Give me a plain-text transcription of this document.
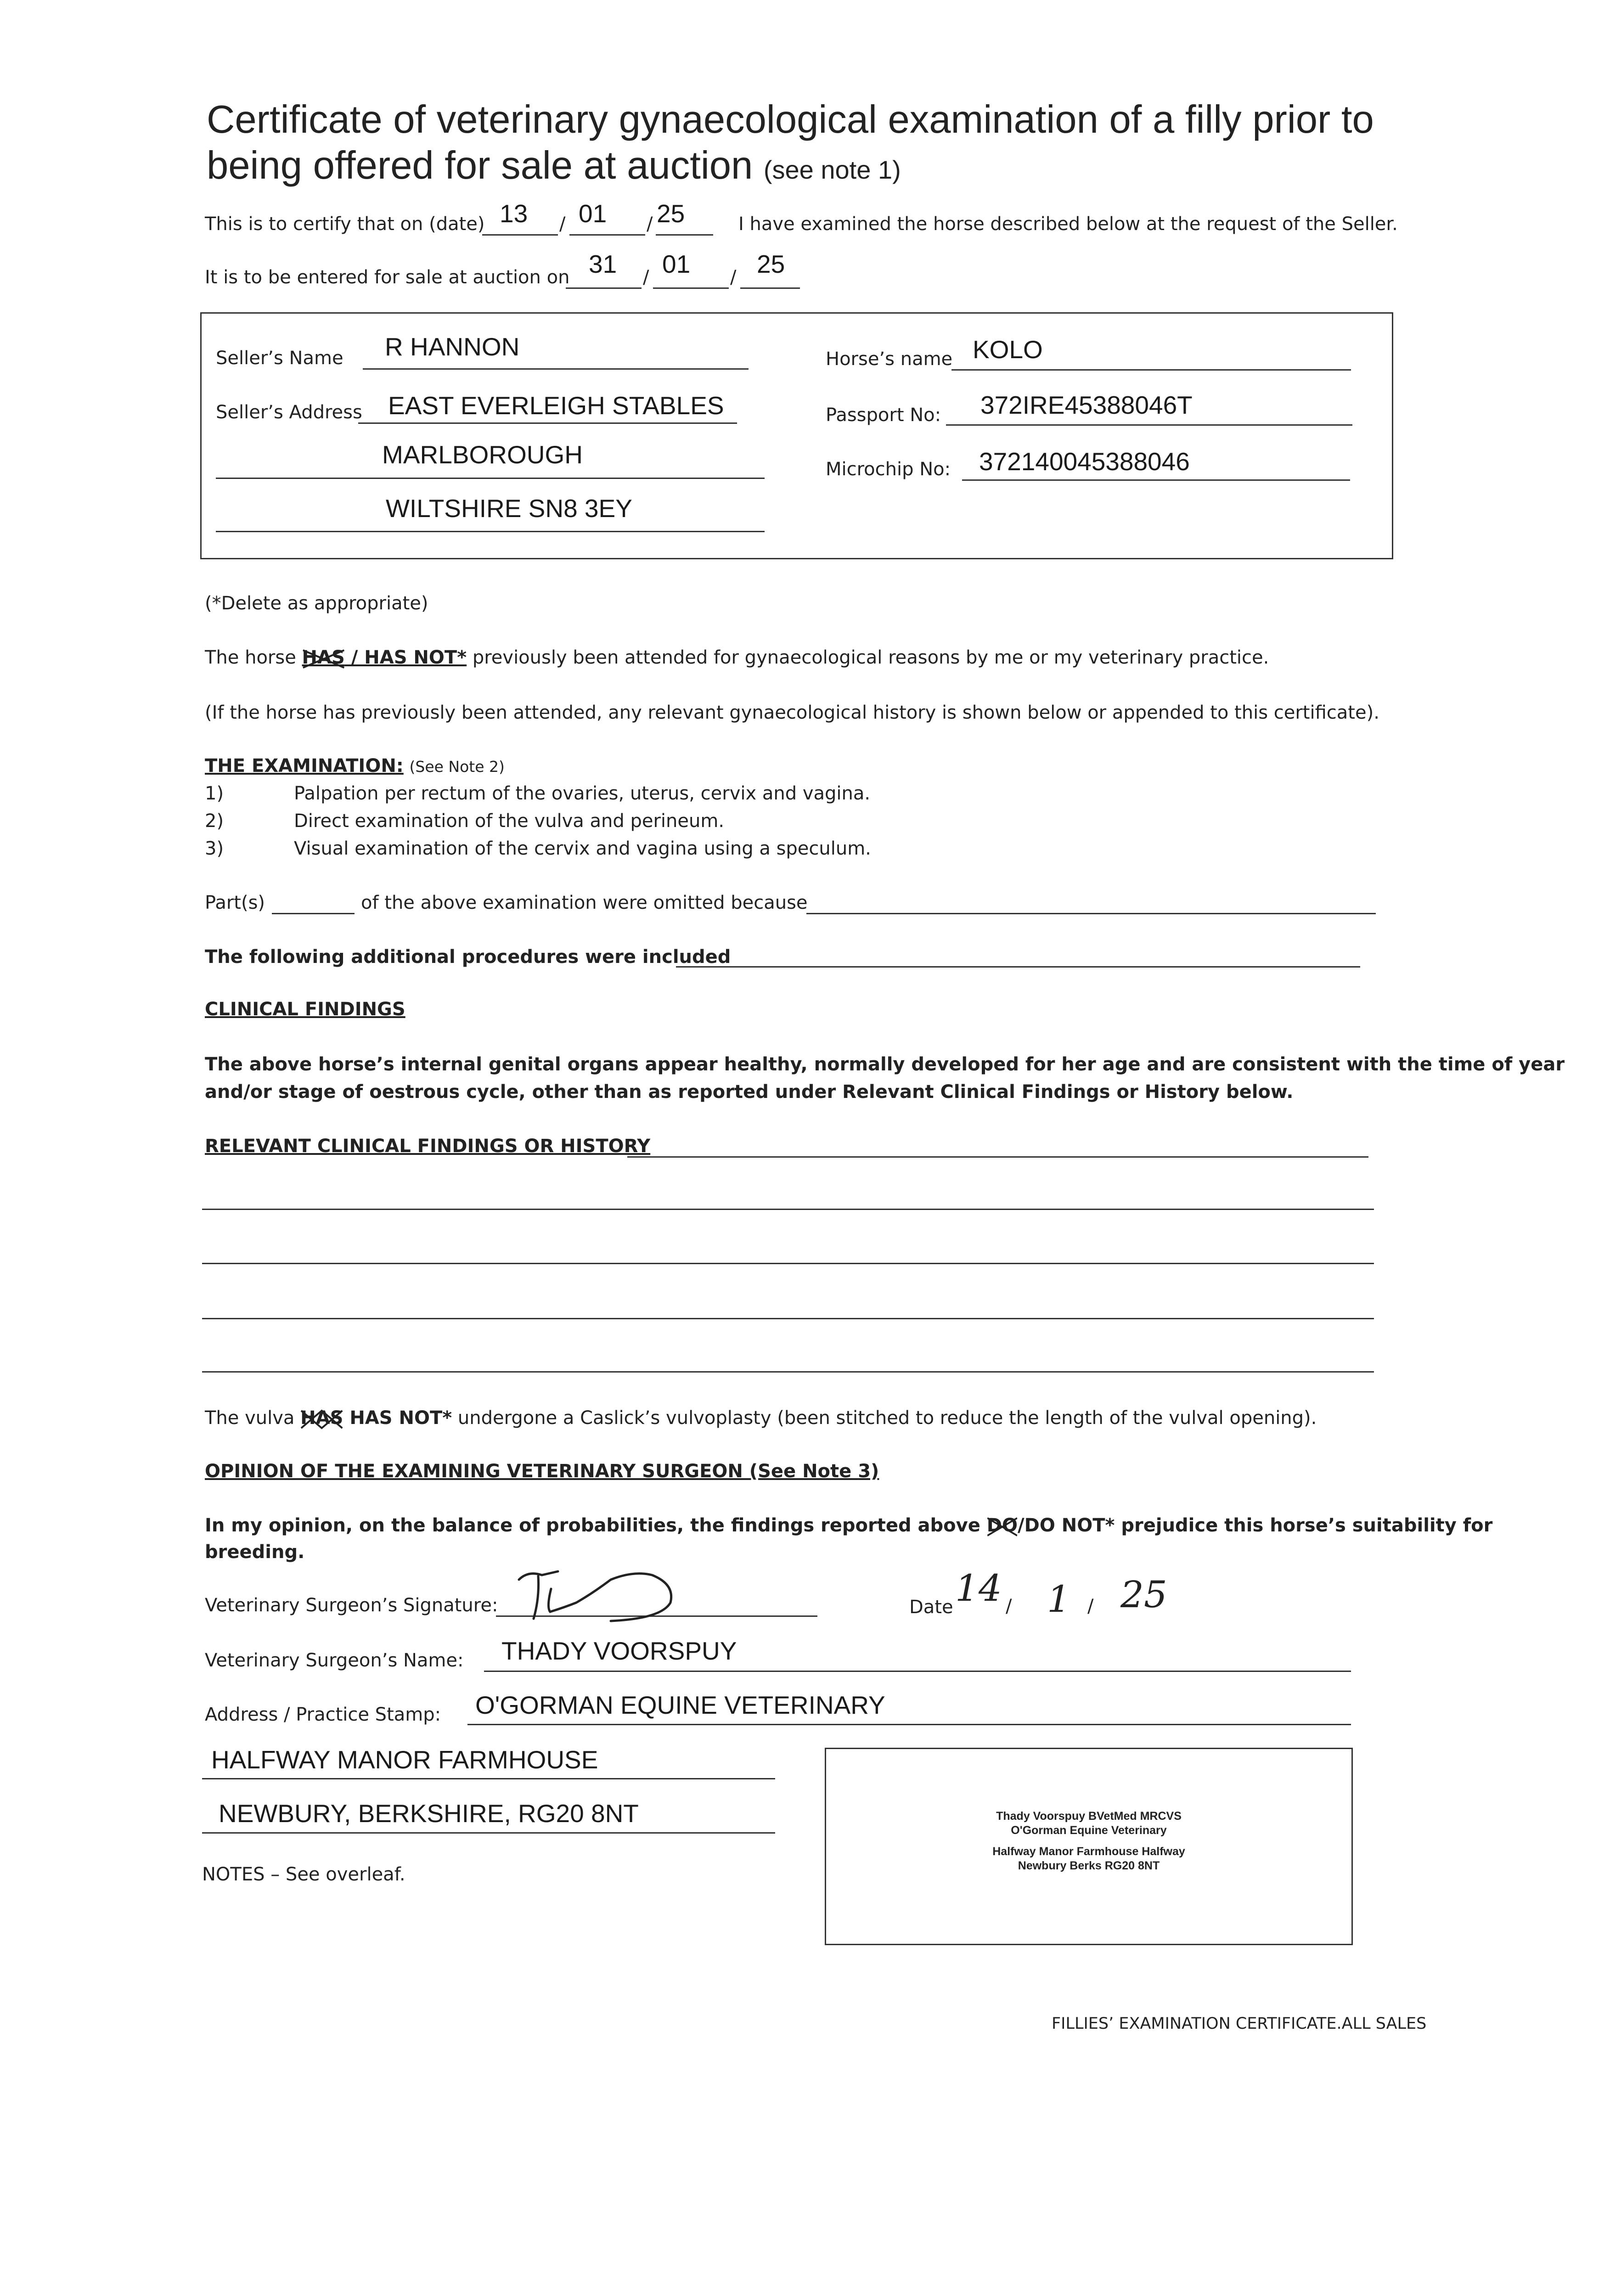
Certificate of veterinary gynaecological examination of a filly prior to
being offered for sale at auction (see note 1)
This is to certify that on (date) 13 / 01 / 25	I have examined the horse described below at the request of the Seller.
It is to be entered for sale at auction on 31 / 01 / 25
Seller’s Name R HANNON
Seller’s Address EAST EVERLEIGH STABLES
MARLBOROUGH
WILTSHIRE SN8 3EY
Horse’s name KOLO
Passport No: 372IRE45388046T
Microchip No: 372140045388046
(*Delete as appropriate)
The horse HAS
/ HAS NOT* previously been attended for gynaecological reasons by me or my veterinary practice.
(If the horse has previously been attended, any relevant gynaecological history is shown below or appended to this certificate).
THE EXAMINATION: (See Note 2)
1)	Palpation per rectum of the ovaries, uterus, cervix and vagina.
2)	Direct examination of the vulva and perineum.
3)	Visual examination of the cervix and vagina using a speculum.
Part(s)	of the above examination were omitted because
The following additional procedures were included
CLINICAL FINDINGS
The above horse’s internal genital organs appear healthy, normally developed for her age and are consistent with the time of year
and/or stage of oestrous cycle, other than as reported under Relevant Clinical Findings or History below.
RELEVANT CLINICAL FINDINGS OR HISTORY
The vulva HAS
HAS NOT* undergone a Caslick’s vulvoplasty (been stitched to reduce the length of the vulval opening).
OPINION OF THE EXAMINING VETERINARY SURGEON (See Note 3)
In my opinion, on the balance of probabilities, the findings reported above DO
/DO NOT* prejudice this horse’s suitability for
breeding.
Veterinary Surgeon’s Signature:	Date 14 / 1 / 25
Veterinary Surgeon’s Name: THADY VOORSPUY
Address / Practice Stamp: O'GORMAN EQUINE VETERINARY
HALFWAY MANOR FARMHOUSE
NEWBURY, BERKSHIRE, RG20 8NT	Thady Voorspuy BVetMed MRCVS
O'Gorman Equine Veterinary
Halfway Manor Farmhouse Halfway
Newbury Berks RG20 8NT
NOTES – See overleaf.
FILLIES’ EXAMINATION CERTIFICATE.ALL SALES
